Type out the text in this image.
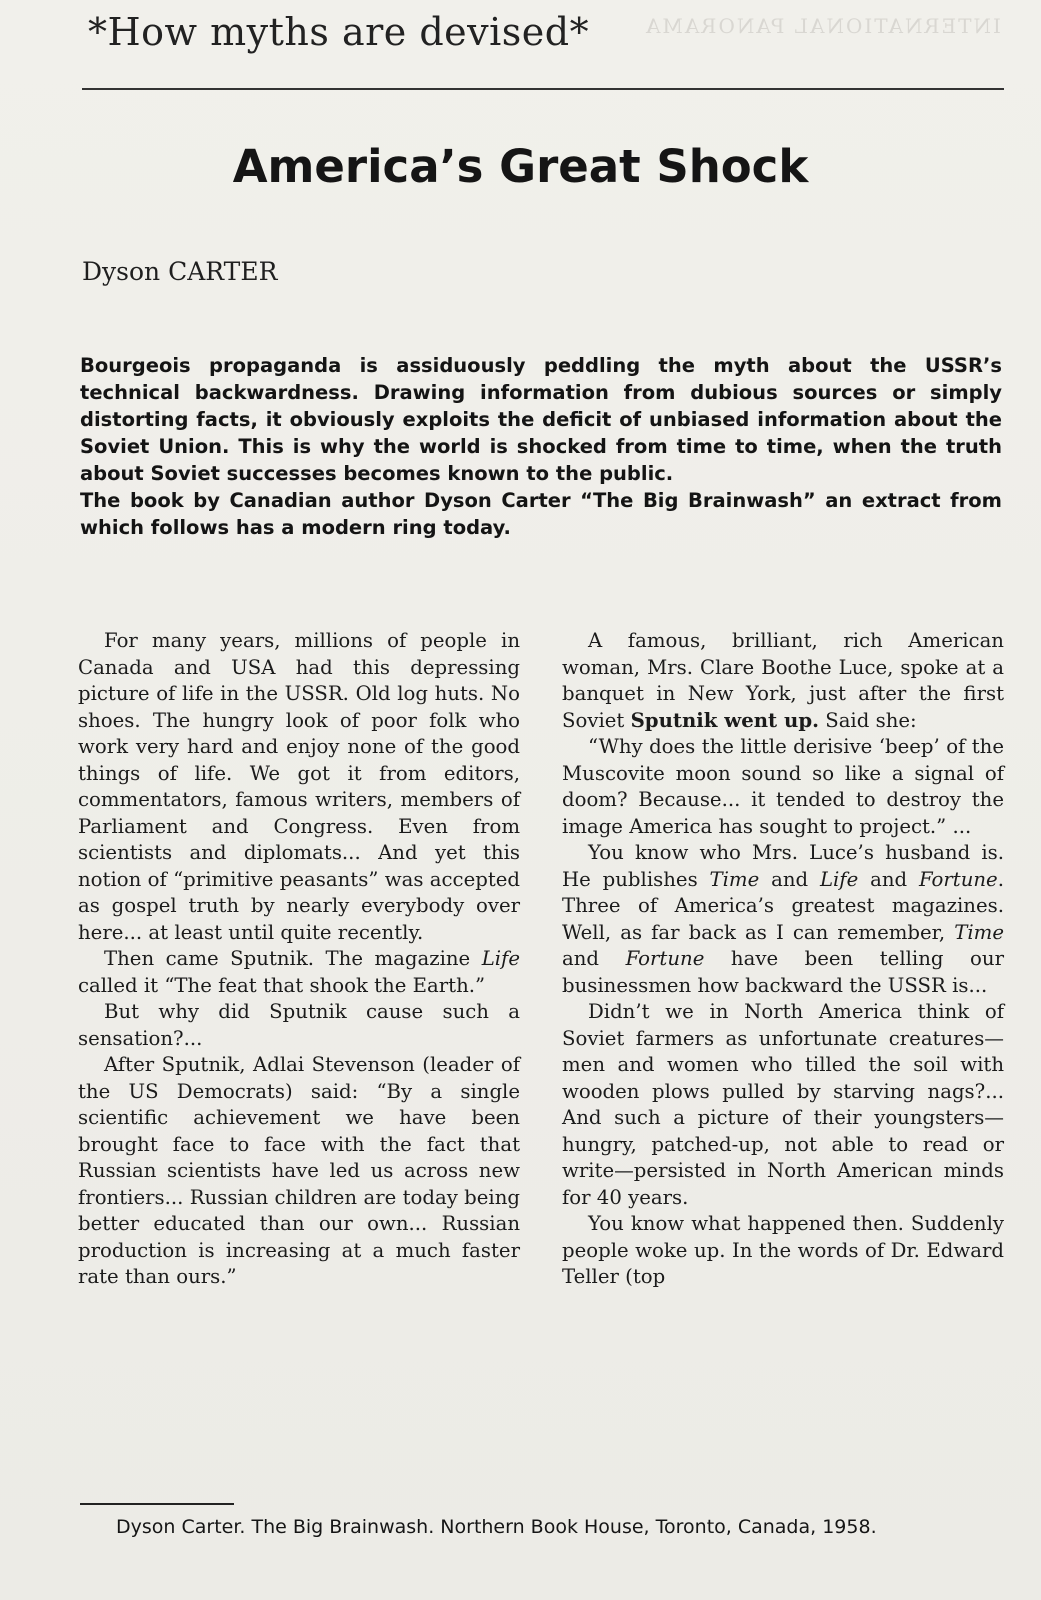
INTERNATIONAL PANORAMA
*How myths are devised*
America’s Great Shock
Dyson CARTER

Bourgeois propaganda is assiduously peddling the myth about the USSR’s technical backwardness. Drawing information from dubious sources or simply distorting facts, it obviously exploits the deficit of unbiased information about the Soviet Union. This is why the world is shocked from time to time, when the truth about Soviet successes becomes known to the public.

The book by Canadian author Dyson Carter “The Big Brainwash” an extract from which follows has a modern ring today.

For many years, millions of people in Canada and USA had this depressing picture of life in the USSR. Old log huts. No shoes. The hungry look of poor folk who work very hard and enjoy none of the good things of life. We got it from editors, commentators, famous writers, members of Parliament and Congress. Even from scientists and diplomats... And yet this notion of “primitive peasants” was accepted as gospel truth by nearly everybody over here... at least until quite recently.

Then came Sputnik. The magazine Life called it “The feat that shook the Earth.”

But why did Sputnik cause such a sensation?...

After Sputnik, Adlai Stevenson (leader of the US Democrats) said: “By a single scientific achievement we have been brought face to face with the fact that Russian scientists have led us across new frontiers... Russian children are today being better educated than our own... Russian production is increasing at a much faster rate than ours.”

A famous, brilliant, rich American woman, Mrs. Clare Boothe Luce, spoke at a banquet in New York, just after the first Soviet Sputnik went up. Said she:

“Why does the little derisive ‘beep’ of the Muscovite moon sound so like a signal of doom? Because... it tended to destroy the image America has sought to project.” ...

You know who Mrs. Luce’s husband is. He publishes Time and Life and Fortune. Three of America’s greatest magazines. Well, as far back as I can remember, Time and Fortune have been telling our businessmen how backward the USSR is...

Didn’t we in North America think of Soviet farmers as unfortunate creatures—men and women who tilled the soil with wooden plows pulled by starving nags?... And such a picture of their youngsters—hungry, patched-up, not able to read or write—persisted in North American minds for 40 years.

You know what happened then. Suddenly people woke up. In the words of Dr. Edward Teller (top

Dyson Carter. The Big Brainwash. Northern Book House, Toronto, Canada, 1958.
